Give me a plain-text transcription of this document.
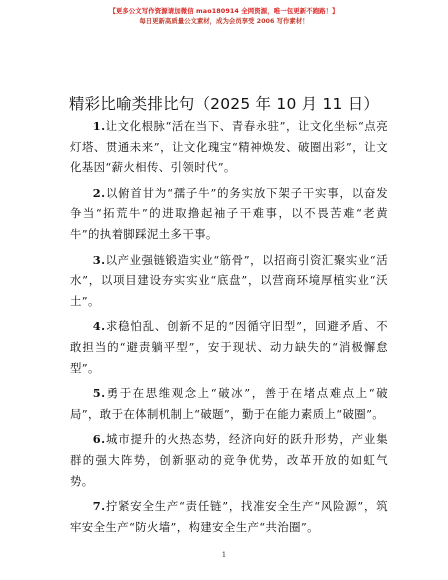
【更多公文写作资源请加微信 mao180914 全网资源，唯一包更新不跑路！】
每日更新高质量公文素材，成为会员享受 2006 写作素材！
精彩比喻类排比句（2025 年 10 月 11 日）

1.让文化根脉“活在当下、青春永驻”，让文化坐标“点亮灯塔、贯通未来”，让文化瑰宝“精神焕发、破圈出彩”，让文化基因“薪火相传、引领时代”。

2.以俯首甘为“孺子牛”的务实放下架子干实事，以奋发争当“拓荒牛”的进取撸起袖子干难事，以不畏苦难“老黄牛”的执着脚踩泥土多干事。

3.以产业强链锻造实业“筋骨”，以招商引资汇聚实业“活水”，以项目建设夯实实业“底盘”，以营商环境厚植实业“沃土”。

4.求稳怕乱、创新不足的“因循守旧型”，回避矛盾、不敢担当的“避责躺平型”，安于现状、动力缺失的“消极懈怠型”。

5.勇于在思维观念上“破冰”，善于在堵点难点上“破局”，敢于在体制机制上“破题”，勤于在能力素质上“破圈”。

6.城市提升的火热态势，经济向好的跃升形势，产业集群的强大阵势，创新驱动的竞争优势，改革开放的如虹气势。

7.拧紧安全生产“责任链”，找准安全生产“风险源”，筑牢安全生产“防火墙”，构建安全生产“共治圈”。

1
